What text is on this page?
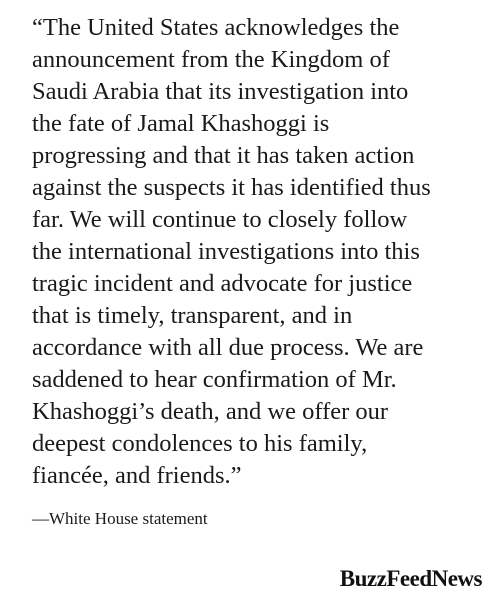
“The United States acknowledges the
announcement from the Kingdom of
Saudi Arabia that its investigation into
the fate of Jamal Khashoggi is
progressing and that it has taken action
against the suspects it has identified thus
far. We will continue to closely follow
the international investigations into this
tragic incident and advocate for justice
that is timely, transparent, and in
accordance with all due process. We are
saddened to hear confirmation of Mr.
Khashoggi’s death, and we offer our
deepest condolences to his family,
fiancée, and friends.”

—White House statement
BuzzFeedNews
